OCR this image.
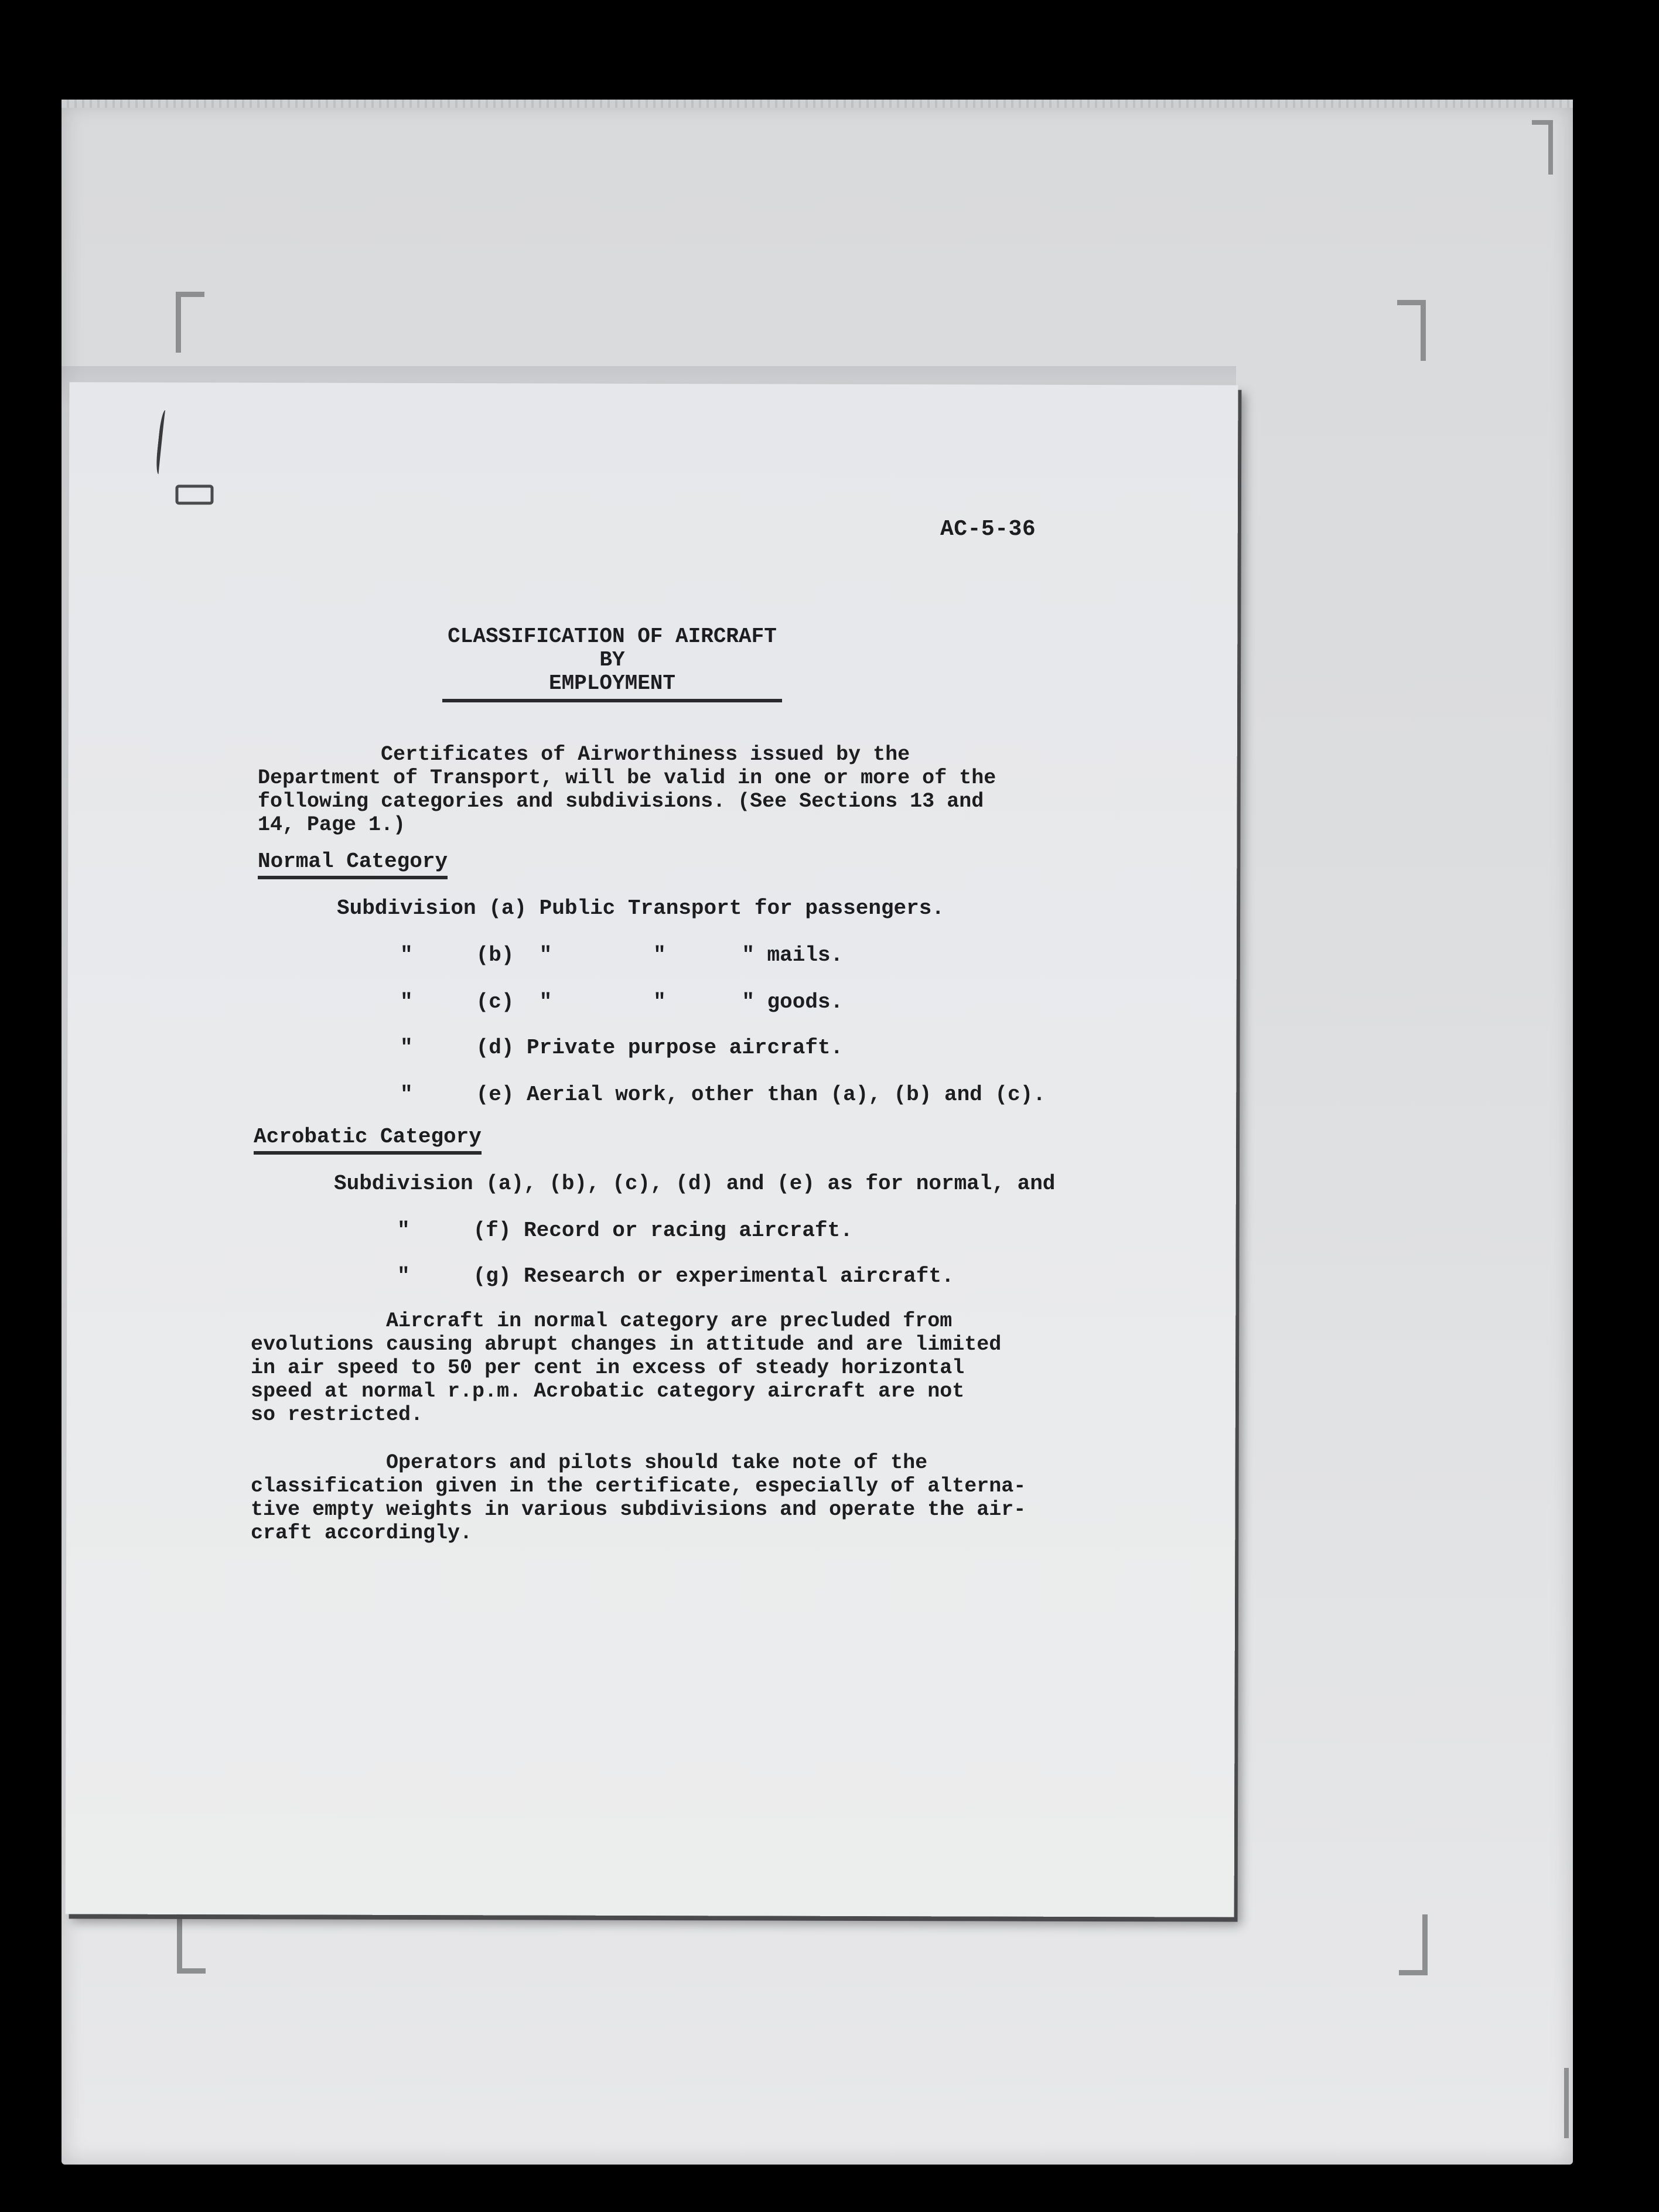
AC-5-36
CLASSIFICATION OF AIRCRAFT BY
EMPLOYMENT
Certificates of Airworthiness issued by the
Department of Transport, will be valid in one or more of the
following categories and subdivisions. (See Sections 13 and
14, Page 1.)
Normal Category
Subdivision (a) Public Transport for passengers.
"     (b)  "        "      " mails.
"     (c)  "        "      " goods.
"     (d) Private purpose aircraft.
"     (e) Aerial work, other than (a), (b) and (c).
Acrobatic Category
Subdivision (a), (b), (c), (d) and (e) as for normal, and
"     (f) Record or racing aircraft.
"     (g) Research or experimental aircraft.
Aircraft in normal category are precluded from
evolutions causing abrupt changes in attitude and are limited
in air speed to 50 per cent in excess of steady horizontal
speed at normal r.p.m. Acrobatic category aircraft are not
so restricted.
Operators and pilots should take note of the
classification given in the certificate, especially of alterna-
tive empty weights in various subdivisions and operate the air-
craft accordingly.
